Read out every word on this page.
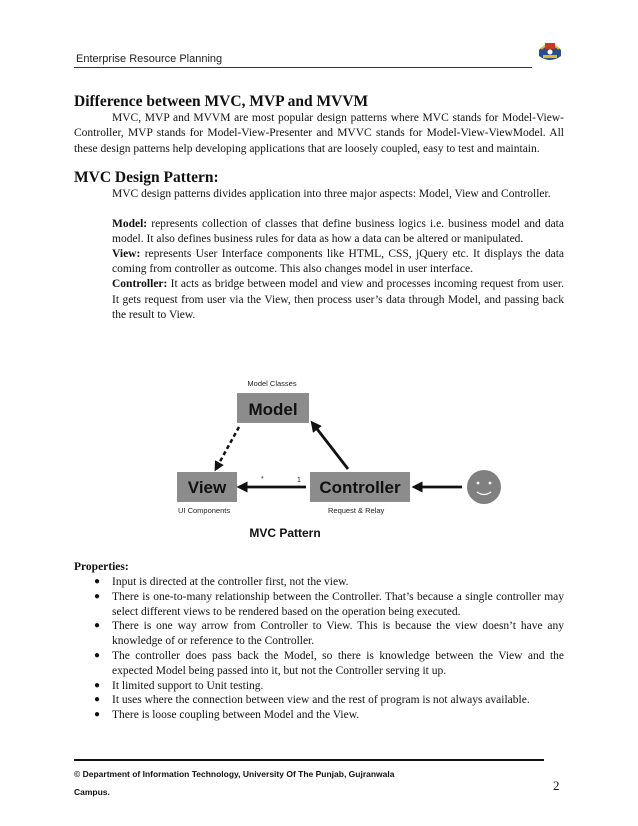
Enterprise Resource Planning
Difference between MVC, MVP and MVVM

MVC, MVP and MVVM are most popular design patterns where MVC stands for Model-View-Controller, MVP stands for Model-View-Presenter and MVVC stands for Model-View-ViewModel. All these design patterns help developing applications that are loosely coupled, easy to test and maintain.

MVC Design Pattern:

MVC design patterns divides application into three major aspects: Model, View and Controller.

Model: represents collection of classes that define business logics i.e. business model and data model. It also defines business rules for data as how a data can be altered or manipulated.

View: represents User Interface components like HTML, CSS, jQuery etc. It displays the data coming from controller as outcome. This also changes model in user interface.

Controller: It acts as bridge between model and view and processes incoming request from user. It gets request from user via the View, then process user’s data through Model, and passing back the result to View.

Model Classes
Model
View
UI Components
Controller
Request & Relay
*	1
MVC Pattern

Properties:

● Input is directed at the controller first, not the view.
● There is one-to-many relationship between the Controller. That’s because a single controller may select different views to be rendered based on the operation being executed.
● There is one way arrow from Controller to View. This is because the view doesn’t have any knowledge of or reference to the Controller.
● The controller does pass back the Model, so there is knowledge between the View and the expected Model being passed into it, but not the Controller serving it up.
● It limited support to Unit testing.
● It uses where the connection between view and the rest of program is not always available.
● There is loose coupling between Model and the View.
© Department of Information Technology, University Of The Punjab, Gujranwala
Campus.	2
